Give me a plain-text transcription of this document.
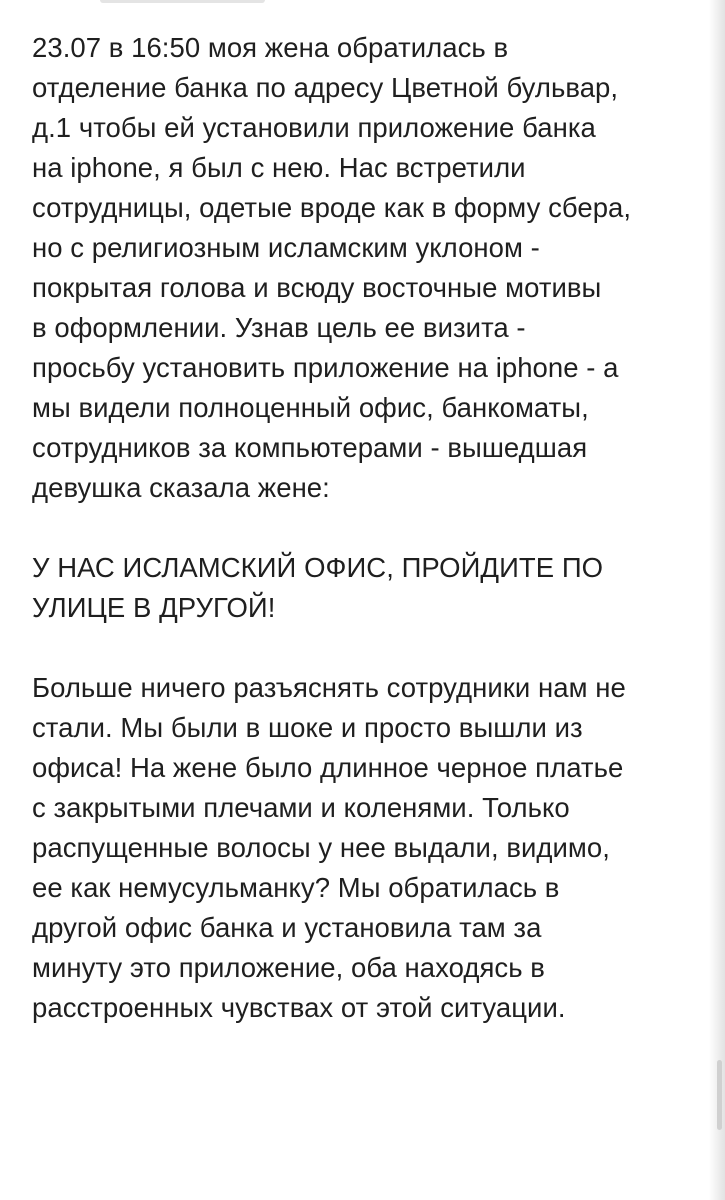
23.07 в 16:50 моя жена обратилась в
отделение банка по адресу Цветной бульвар,
д.1 чтобы ей установили приложение банка
на iphone, я был с нею. Нас встретили
сотрудницы, одетые вроде как в форму сбера,
но с религиозным исламским уклоном -
покрытая голова и всюду восточные мотивы
в оформлении. Узнав цель ее визита -
просьбу установить приложение на iphone - а
мы видели полноценный офис, банкоматы,
сотрудников за компьютерами - вышедшая
девушка сказала жене:

У НАС ИСЛАМСКИЙ ОФИС, ПРОЙДИТЕ ПО
УЛИЦЕ В ДРУГОЙ!

Больше ничего разъяснять сотрудники нам не
стали. Мы были в шоке и просто вышли из
офиса! На жене было длинное черное платье
с закрытыми плечами и коленями. Только
распущенные волосы у нее выдали, видимо,
ее как немусульманку? Мы обратилась в
другой офис банка и установила там за
минуту это приложение, оба находясь в
расстроенных чувствах от этой ситуации.
